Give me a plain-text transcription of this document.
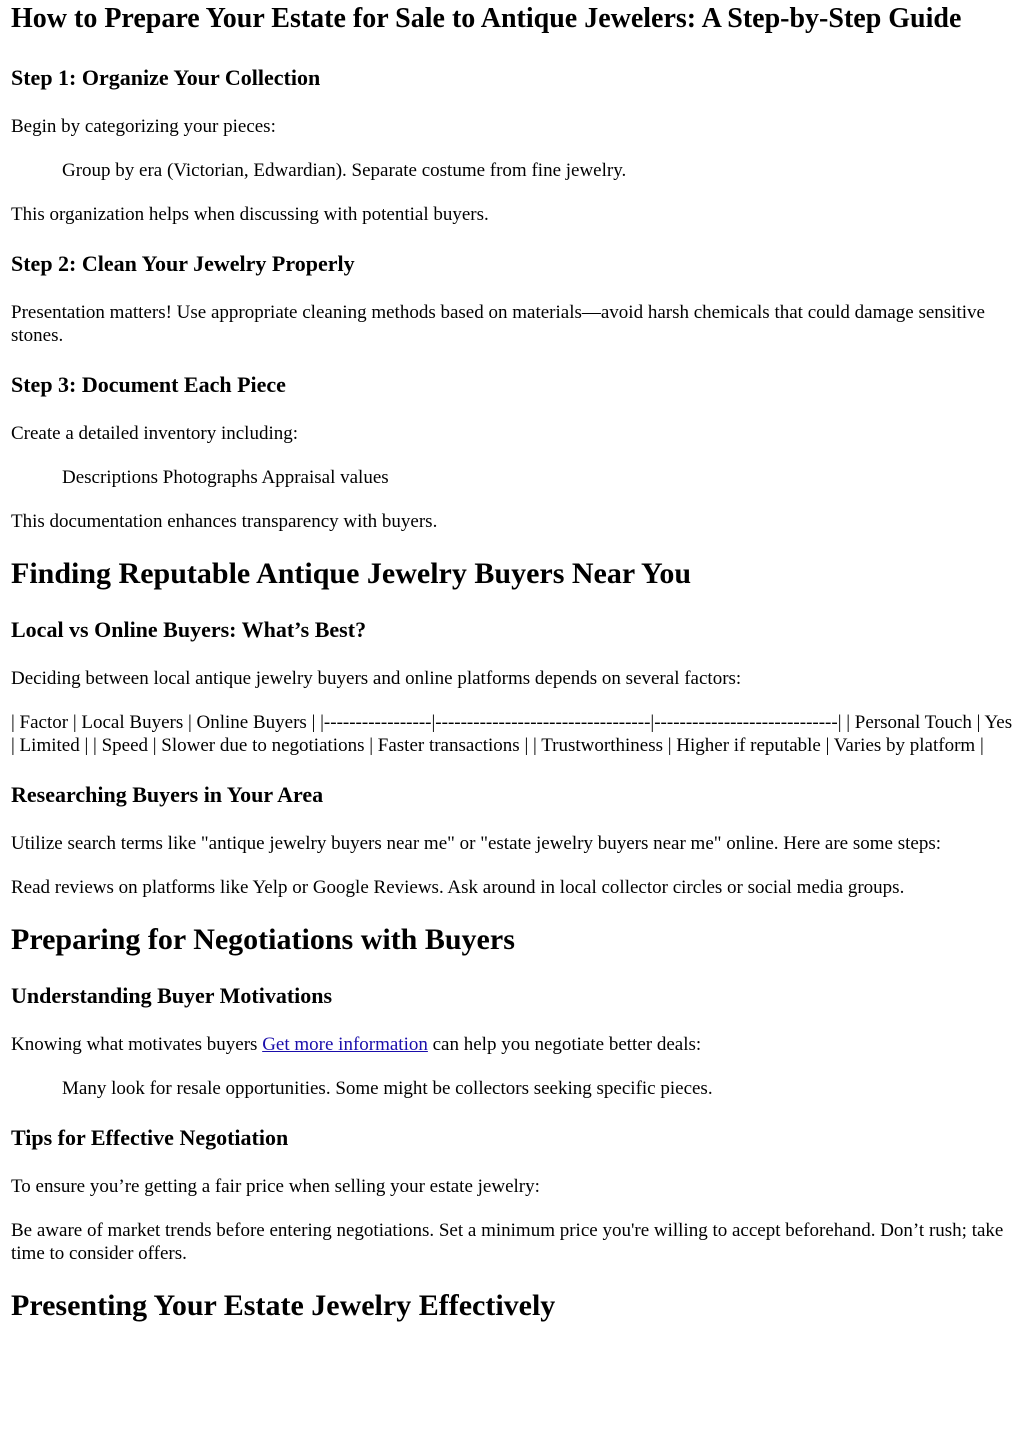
How to Prepare Your Estate for Sale to Antique Jewelers: A Step-by-Step Guide
Step 1: Organize Your Collection

Begin by categorizing your pieces:

Group by era (Victorian, Edwardian). Separate costume from fine jewelry.

This organization helps when discussing with potential buyers.

Step 2: Clean Your Jewelry Properly

Presentation matters! Use appropriate cleaning methods based on materials—avoid harsh chemicals that could damage sensitive stones.

Step 3: Document Each Piece

Create a detailed inventory including:

Descriptions Photographs Appraisal values

This documentation enhances transparency with buyers.

Finding Reputable Antique Jewelry Buyers Near You
Local vs Online Buyers: What’s Best?

Deciding between local antique jewelry buyers and online platforms depends on several factors:

| Factor | Local Buyers | Online Buyers | |-----------------|----------------------------------|-----------------------------| | Personal Touch | Yes | Limited | | Speed | Slower due to negotiations | Faster transactions | | Trustworthiness | Higher if reputable | Varies by platform |

Researching Buyers in Your Area

Utilize search terms like "antique jewelry buyers near me" or "estate jewelry buyers near me" online. Here are some steps:

Read reviews on platforms like Yelp or Google Reviews. Ask around in local collector circles or social media groups.

Preparing for Negotiations with Buyers
Understanding Buyer Motivations

Knowing what motivates buyers Get more information can help you negotiate better deals:

Many look for resale opportunities. Some might be collectors seeking specific pieces.

Tips for Effective Negotiation

To ensure you’re getting a fair price when selling your estate jewelry:

Be aware of market trends before entering negotiations. Set a minimum price you're willing to accept beforehand. Don’t rush; take time to consider offers.

Presenting Your Estate Jewelry Effectively
